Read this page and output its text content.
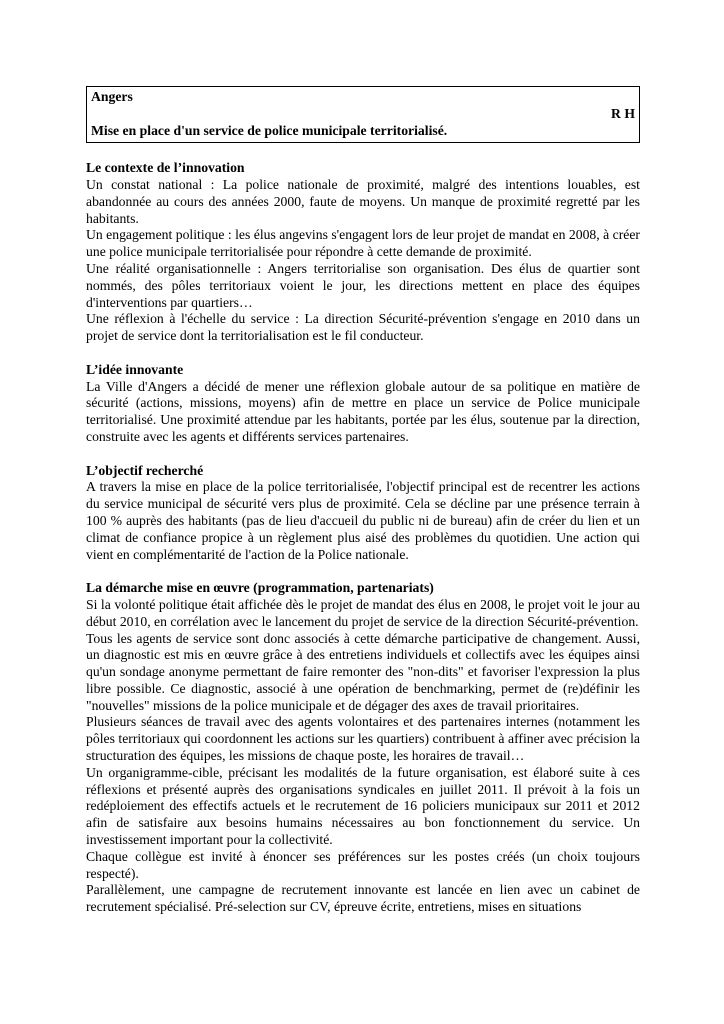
Angers
R H
Mise en place d'un service de police municipale territorialisé.
Le contexte de l’innovation
Un constat national : La police nationale de proximité, malgré des intentions louables, est abandonnée au cours des années 2000, faute de moyens. Un manque de proximité regretté par les habitants.
Un engagement politique : les élus angevins s'engagent lors de leur projet de mandat en 2008, à créer une police municipale territorialisée pour répondre à cette demande de proximité.
Une réalité organisationnelle : Angers territorialise son organisation. Des élus de quartier sont nommés, des pôles territoriaux voient le jour, les directions mettent en place des équipes d'interventions par quartiers…
Une réflexion à l'échelle du service : La direction Sécurité-prévention s'engage en 2010 dans un projet de service dont la territorialisation est le fil conducteur.
L’idée innovante
La Ville d'Angers a décidé de mener une réflexion globale autour de sa politique en matière de sécurité (actions, missions, moyens) afin de mettre en place un service de Police municipale territorialisé. Une proximité attendue par les habitants, portée par les élus, soutenue par la direction, construite avec les agents et différents services partenaires.
L’objectif recherché
A travers la mise en place de la police territorialisée, l'objectif principal est de recentrer les actions du service municipal de sécurité vers plus de proximité. Cela se décline par une présence terrain à 100 % auprès des habitants (pas de lieu d'accueil du public ni de bureau) afin de créer du lien et un climat de confiance propice à un règlement plus aisé des problèmes du quotidien. Une action qui vient en complémentarité de l'action de la Police nationale.
La démarche mise en œuvre (programmation, partenariats)
Si la volonté politique était affichée dès le projet de mandat des élus en 2008, le projet voit le jour au début 2010, en corrélation avec le lancement du projet de service de la direction Sécurité-prévention.
Tous les agents de service sont donc associés à cette démarche participative de changement. Aussi, un diagnostic est mis en œuvre grâce à des entretiens individuels et collectifs avec les équipes ainsi qu'un sondage anonyme permettant de faire remonter des "non-dits" et favoriser l'expression la plus libre possible. Ce diagnostic, associé à une opération de benchmarking, permet de (re)définir les "nouvelles" missions de la police municipale et de dégager des axes de travail prioritaires.
Plusieurs séances de travail avec des agents volontaires et des partenaires internes (notamment les pôles territoriaux qui coordonnent les actions sur les quartiers) contribuent à affiner avec précision la structuration des équipes, les missions de chaque poste, les horaires de travail…
Un organigramme-cible, précisant les modalités de la future organisation, est élaboré suite à ces réflexions et présenté auprès des organisations syndicales en juillet 2011. Il prévoit à la fois un redéploiement des effectifs actuels et le recrutement de 16 policiers municipaux sur 2011 et 2012 afin de satisfaire aux besoins humains nécessaires au bon fonctionnement du service. Un investissement important pour la collectivité.
Chaque collègue est invité à énoncer ses préférences sur les postes créés (un choix toujours respecté).
Parallèlement, une campagne de recrutement innovante est lancée en lien avec un cabinet de recrutement spécialisé. Pré-selection sur CV, épreuve écrite, entretiens, mises en situations
